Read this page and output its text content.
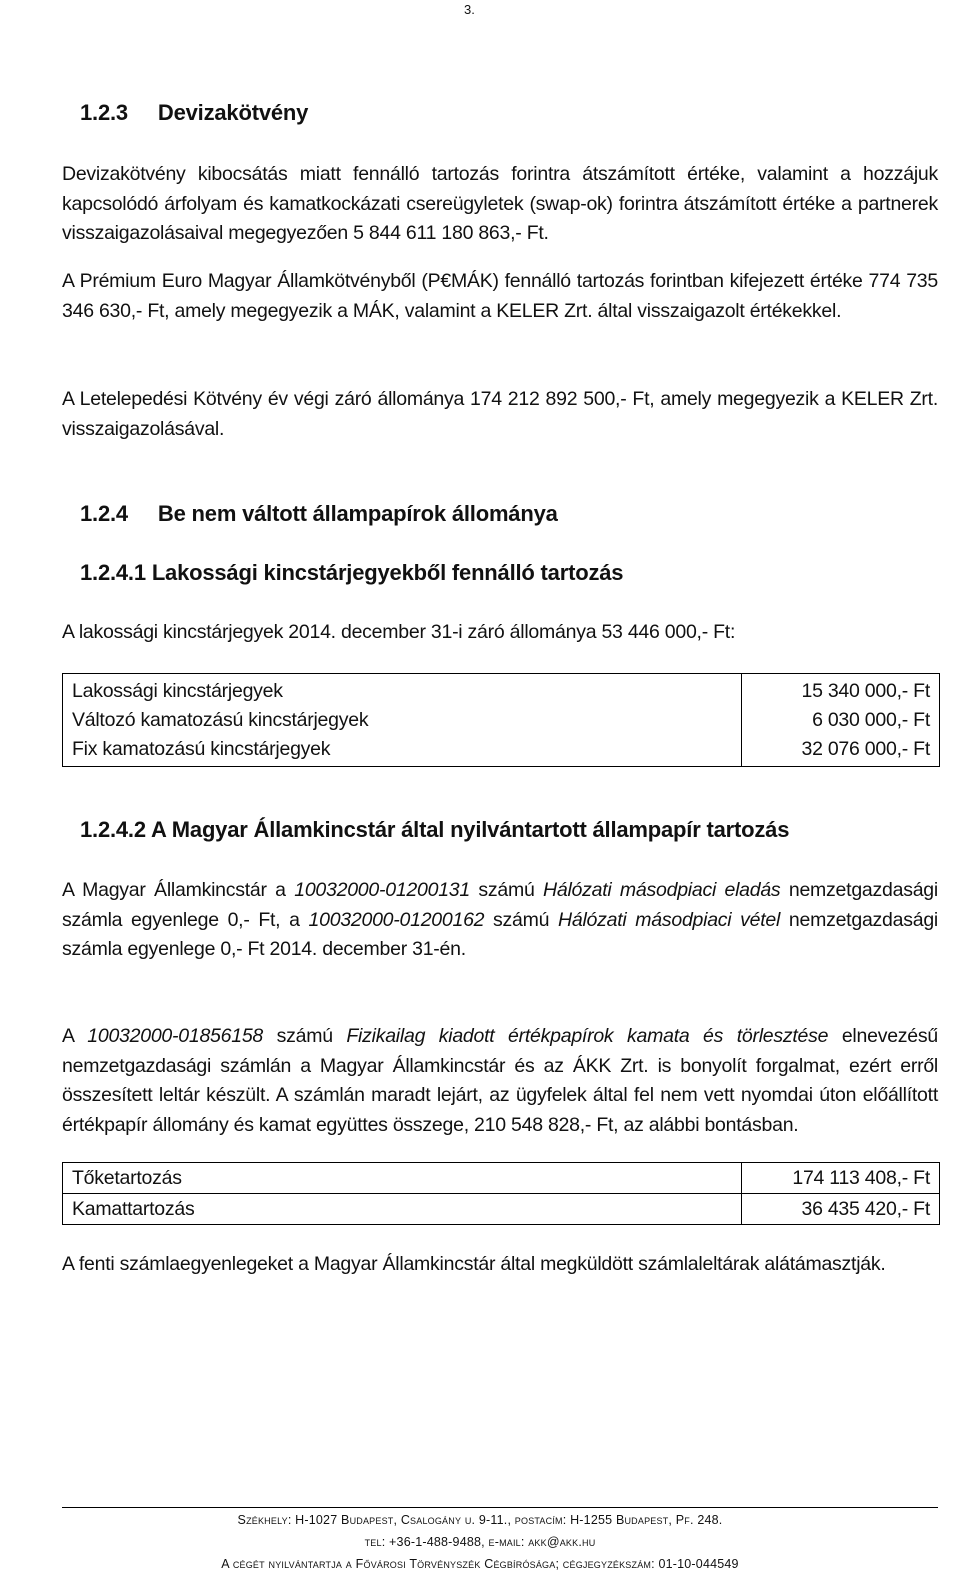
3.
1.2.3 Devizakötvény
Devizakötvény kibocsátás miatt fennálló tartozás forintra átszámított értéke, valamint a hozzájuk kapcsolódó árfolyam és kamatkockázati csereügyletek (swap-ok) forintra átszámított értéke a partnerek visszaigazolásaival megegyezően 5 844 611 180 863,- Ft.
A Prémium Euro Magyar Államkötvényből (P€MÁK) fennálló tartozás forintban kifejezett értéke 774 735 346 630,- Ft, amely megegyezik a MÁK, valamint a KELER Zrt. által visszaigazolt értékekkel.
A Letelepedési Kötvény év végi záró állománya 174 212 892 500,- Ft, amely megegyezik a KELER Zrt. visszaigazolásával.
1.2.4 Be nem váltott állampapírok állománya
1.2.4.1 Lakossági kincstárjegyekből fennálló tartozás
A lakossági kincstárjegyek 2014. december 31-i záró állománya 53 446 000,- Ft:
Lakossági kincstárjegyek	15 340 000,- Ft
Változó kamatozású kincstárjegyek	6 030 000,- Ft
Fix kamatozású kincstárjegyek	32 076 000,- Ft
1.2.4.2 A Magyar Államkincstár által nyilvántartott állampapír tartozás
A Magyar Államkincstár a 10032000-01200131 számú Hálózati másodpiaci eladás nemzetgazdasági számla egyenlege 0,- Ft, a 10032000-01200162 számú Hálózati másodpiaci vétel nemzetgazdasági számla egyenlege 0,- Ft 2014. december 31-én.
A 10032000-01856158 számú Fizikailag kiadott értékpapírok kamata és törlesztése elnevezésű nemzetgazdasági számlán a Magyar Államkincstár és az ÁKK Zrt. is bonyolít forgalmat, ezért erről összesített leltár készült. A számlán maradt lejárt, az ügyfelek által fel nem vett nyomdai úton előállított értékpapír állomány és kamat együttes összege, 210 548 828,- Ft, az alábbi bontásban.
Tőketartozás	174 113 408,- Ft
Kamattartozás	36 435 420,- Ft
A fenti számlaegyenlegeket a Magyar Államkincstár által megküldött számlaleltárak alátámasztják.
Székhely: H-1027 Budapest, Csalogány u. 9-11., postacím: H-1255 Budapest, Pf. 248.
tel: +36-1-488-9488, e-mail: akk@akk.hu
A cégét nyilvántartja a Fővárosi Törvényszék Cégbírósága; cégjegyzékszám: 01-10-044549
